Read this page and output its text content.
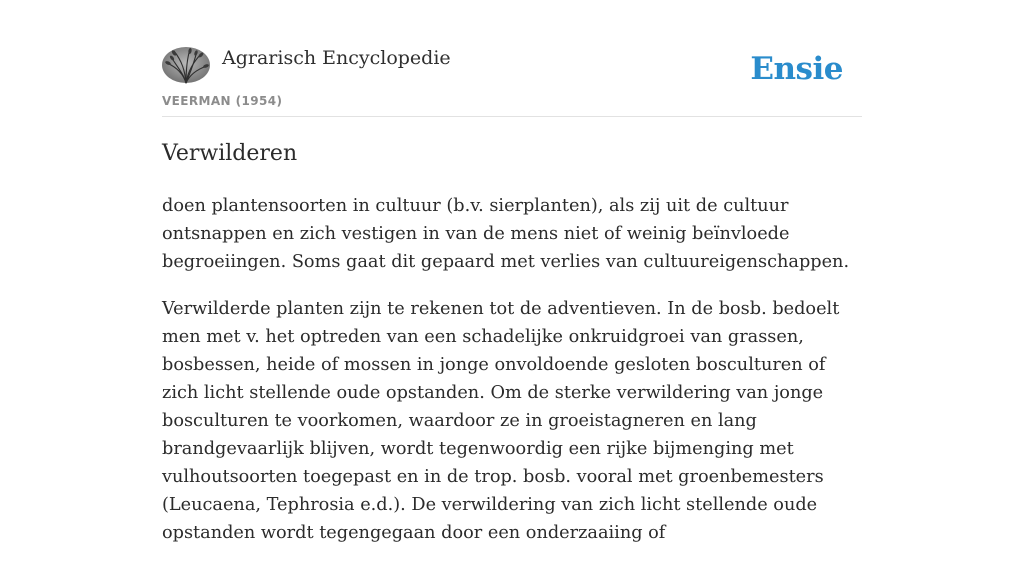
Agrarisch Encyclopedie	Ensie
VEERMAN (1954)
Verwilderen

doen plantensoorten in cultuur (b.v. sierplanten), als zij uit de cultuur ontsnappen en zich vestigen in van de mens niet of weinig beïnvloede begroeiingen. Soms gaat dit gepaard met verlies van cultuureigenschappen.

Verwilderde planten zijn te rekenen tot de adventieven. In de bosb. bedoelt men met v. het optreden van een schadelijke onkruidgroei van grassen, bosbessen, heide of mossen in jonge onvoldoende gesloten bosculturen of zich licht stellende oude opstanden. Om de sterke verwildering van jonge bosculturen te voorkomen, waardoor ze in groeistagneren en lang brandgevaarlijk blijven, wordt tegenwoordig een rijke bijmenging met vulhoutsoorten toegepast en in de trop. bosb. vooral met groenbemesters (Leucaena, Tephrosia e.d.). De verwildering van zich licht stellende oude opstanden wordt tegengegaan door een onderzaaiing of
